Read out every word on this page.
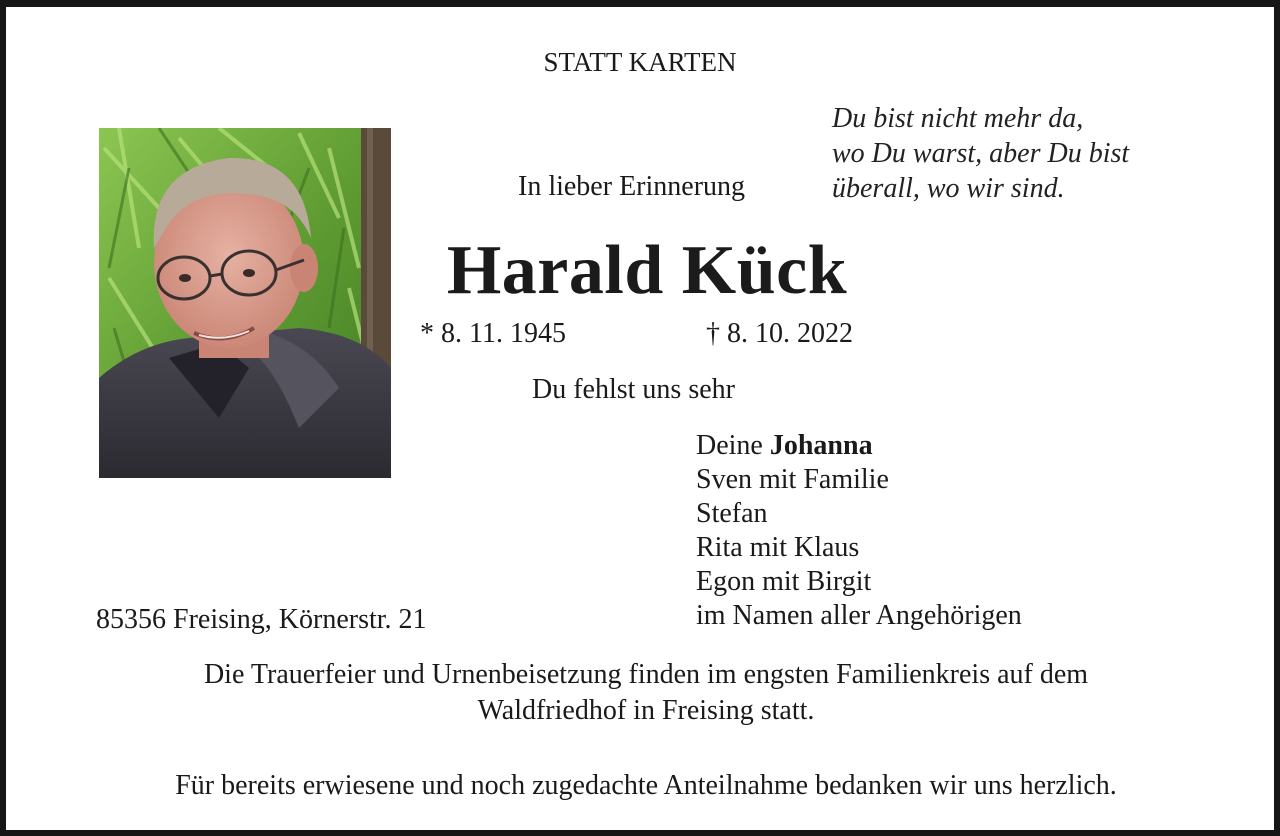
STATT KARTEN

Du bist nicht mehr da,
wo Du warst, aber Du bist
überall, wo wir sind.

In lieber Erinnerung

Harald Kück

* 8. 11. 1945	† 8. 10. 2022

Du fehlst uns sehr

Deine Johanna
Sven mit Familie
Stefan
Rita mit Klaus
Egon mit Birgit
im Namen aller Angehörigen

85356 Freising, Körnerstr. 21

Die Trauerfeier und Urnenbeisetzung finden im engsten Familienkreis auf dem
Waldfriedhof in Freising statt.

Für bereits erwiesene und noch zugedachte Anteilnahme bedanken wir uns herzlich.
